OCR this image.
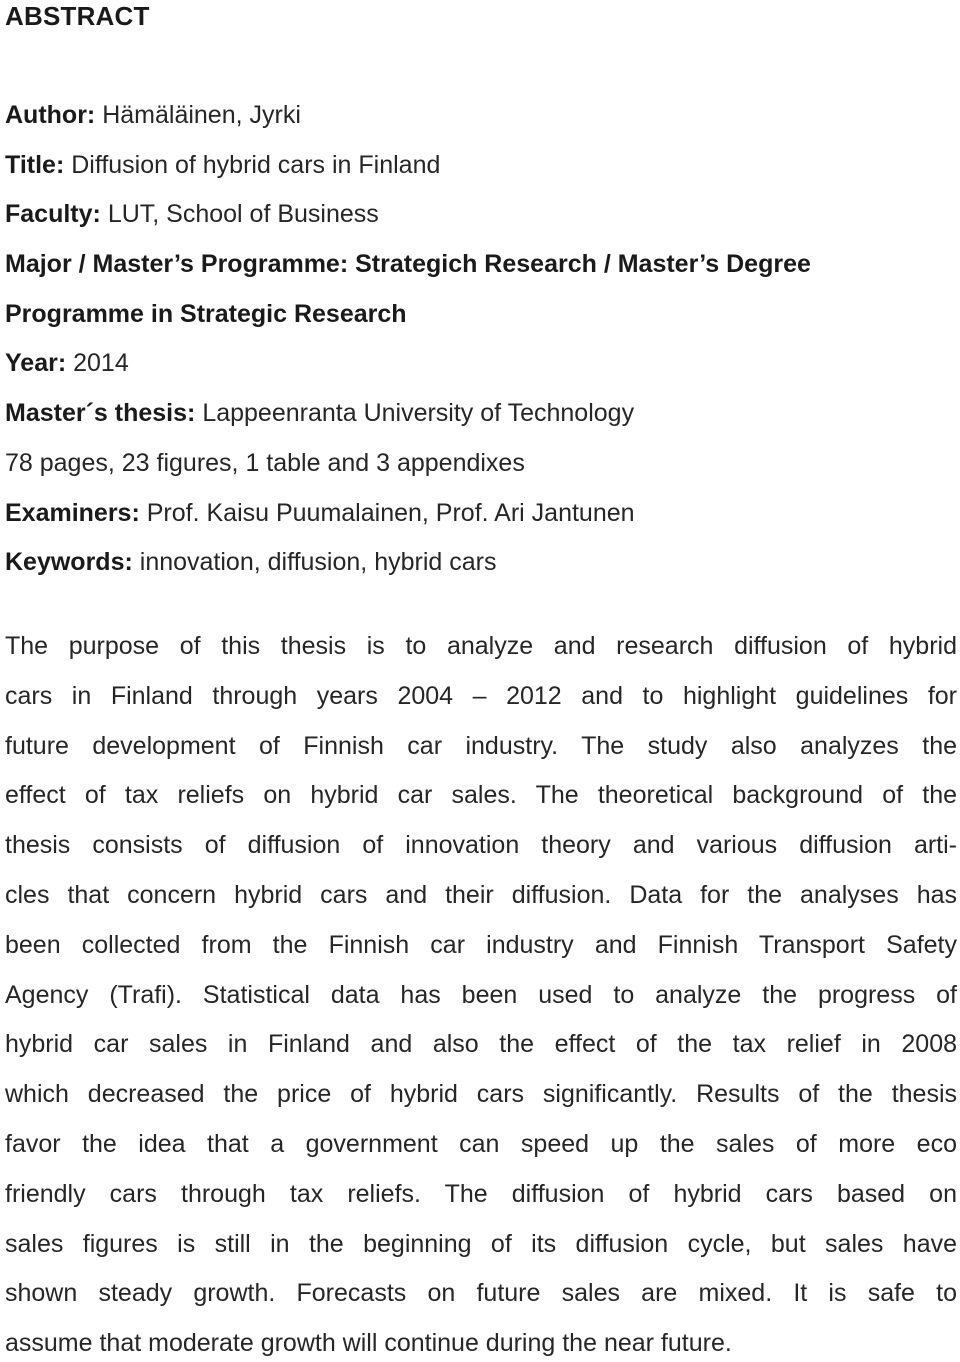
ABSTRACT
Author: Hämäläinen, Jyrki
Title: Diffusion of hybrid cars in Finland
Faculty: LUT, School of Business
Major / Master’s Programme: Strategich Research / Master’s Degree
Programme in Strategic Research
Year: 2014
Master´s thesis: Lappeenranta University of Technology
78 pages, 23 figures, 1 table and 3 appendixes
Examiners: Prof. Kaisu Puumalainen, Prof. Ari Jantunen
Keywords: innovation, diffusion, hybrid cars
The purpose of this thesis is to analyze and research diffusion of hybrid
cars in Finland through years 2004 – 2012 and to highlight guidelines for
future development of Finnish car industry. The study also analyzes the
effect of tax reliefs on hybrid car sales. The theoretical background of the
thesis consists of diffusion of innovation theory and various diffusion arti-
cles that concern hybrid cars and their diffusion. Data for the analyses has
been collected from the Finnish car industry and Finnish Transport Safety
Agency (Trafi). Statistical data has been used to analyze the progress of
hybrid car sales in Finland and also the effect of the tax relief in 2008
which decreased the price of hybrid cars significantly. Results of the thesis
favor the idea that a government can speed up the sales of more eco
friendly cars through tax reliefs. The diffusion of hybrid cars based on
sales figures is still in the beginning of its diffusion cycle, but sales have
shown steady growth. Forecasts on future sales are mixed. It is safe to
assume that moderate growth will continue during the near future.
